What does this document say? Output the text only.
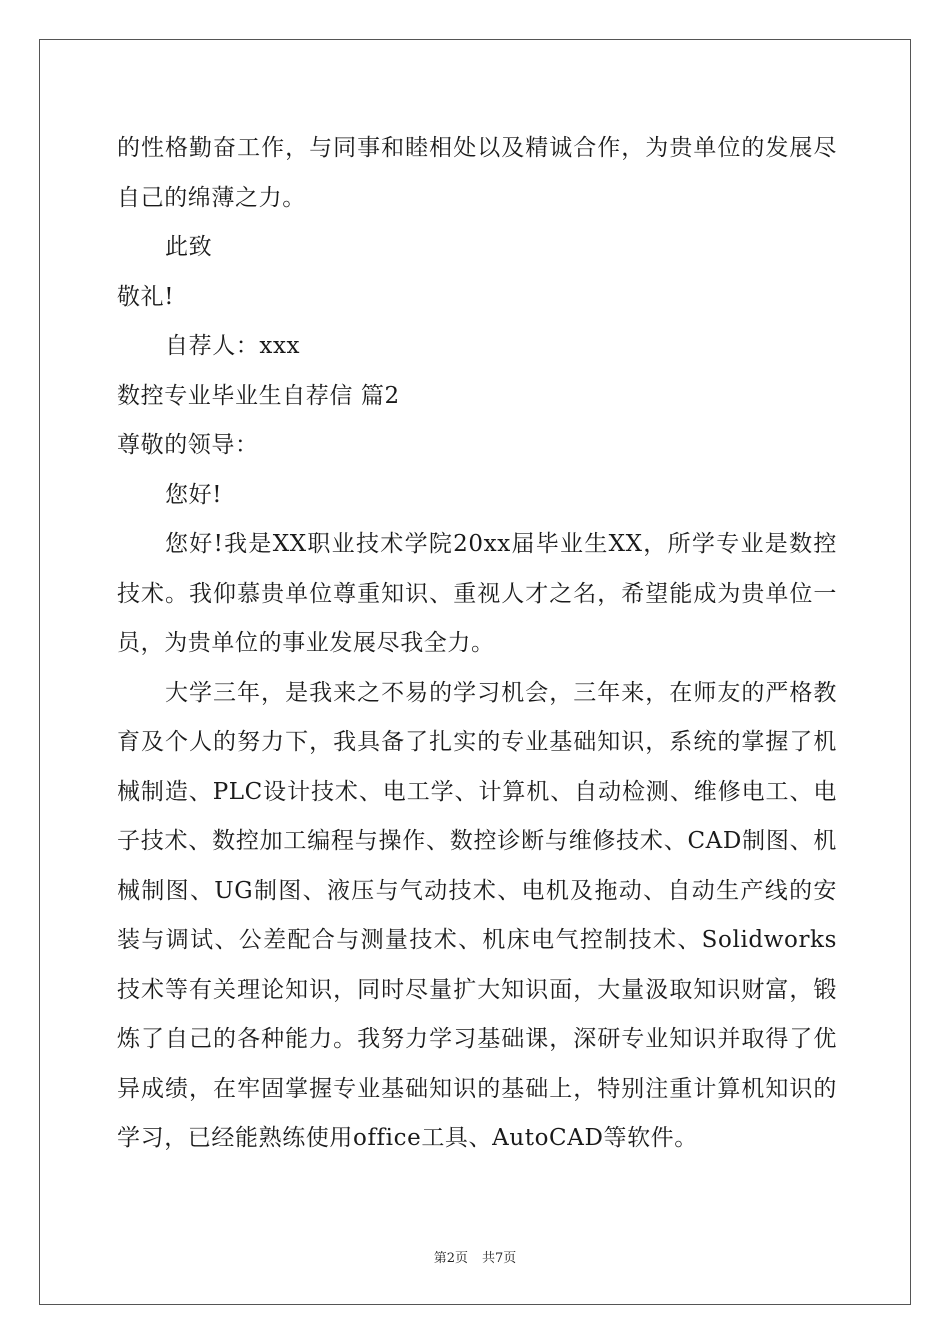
的性格勤奋工作，与同事和睦相处以及精诚合作，为贵单位的发展尽自己的绵薄之力。

此致
敬礼!
自荐人：xxx
数控专业毕业生自荐信 篇2
尊敬的领导：
您好!

您好!我是XX职业技术学院20xx届毕业生XX，所学专业是数控技术。我仰慕贵单位尊重知识、重视人才之名，希望能成为贵单位一员，为贵单位的事业发展尽我全力。

大学三年，是我来之不易的学习机会，三年来，在师友的严格教育及个人的努力下，我具备了扎实的专业基础知识，系统的掌握了机械制造、PLC设计技术、电工学、计算机、自动检测、维修电工、电子技术、数控加工编程与操作、数控诊断与维修技术、CAD制图、机械制图、UG制图、液压与气动技术、电机及拖动、自动生产线的安装与调试、公差配合与测量技术、机床电气控制技术、Solidworks技术等有关理论知识，同时尽量扩大知识面，大量汲取知识财富，锻炼了自己的各种能力。我努力学习基础课，深研专业知识并取得了优异成绩，在牢固掌握专业基础知识的基础上，特别注重计算机知识的学习，已经能熟练使用office工具、AutoCAD等软件。

第2页 共7页
